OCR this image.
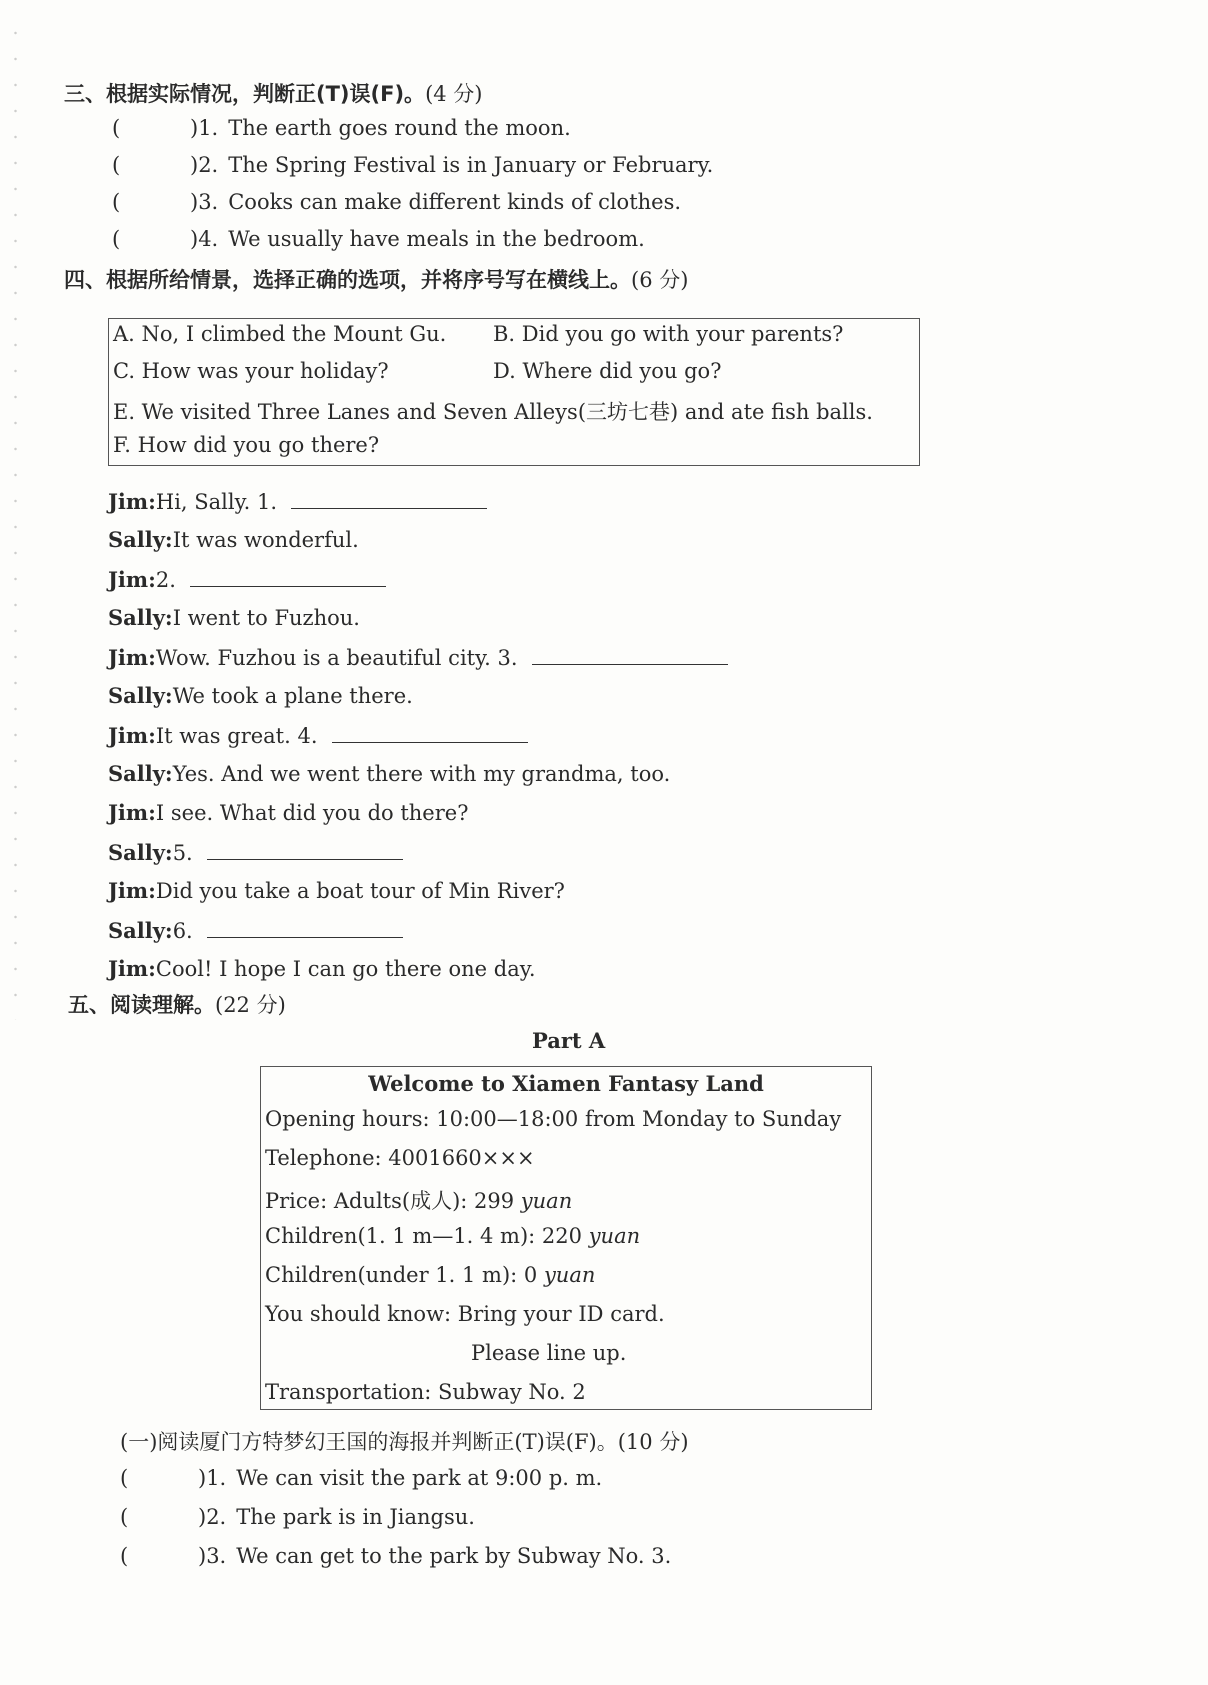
三、根据实际情况，判断正(T)误(F)。(4 分)
(	)1. The earth goes round the moon.
(	)2. The Spring Festival is in January or February.
(	)3. Cooks can make different kinds of clothes.
(	)4. We usually have meals in the bedroom.
四、根据所给情景，选择正确的选项，并将序号写在横线上。(6 分)
A. No, I climbed the Mount Gu. B. Did you go with your parents?
C. How was your holiday?	D. Where did you go?
E. We visited Three Lanes and Seven Alleys(三坊七巷) and ate fish balls.
F. How did you go there?
Jim:Hi, Sally. 1.
Sally:It was wonderful.
Jim:2.
Sally:I went to Fuzhou.
Jim:Wow. Fuzhou is a beautiful city. 3.
Sally:We took a plane there.
Jim:It was great. 4.
Sally:Yes. And we went there with my grandma, too.
Jim:I see. What did you do there?
Sally:5.
Jim:Did you take a boat tour of Min River?
Sally:6.
Jim:Cool! I hope I can go there one day.
五、阅读理解。(22 分)
Part A
Welcome to Xiamen Fantasy Land
Opening hours: 10:00—18:00 from Monday to Sunday
Telephone: 4001660×××
Price: Adults(成人): 299 yuan
Children(1. 1 m—1. 4 m): 220 yuan
Children(under 1. 1 m): 0 yuan
You should know: Bring your ID card.
Please line up.
Transportation: Subway No. 2
(一)阅读厦门方特梦幻王国的海报并判断正(T)误(F)。(10 分)
(	)1. We can visit the park at 9:00 p. m.
(	)2. The park is in Jiangsu.
(	)3. We can get to the park by Subway No. 3.
